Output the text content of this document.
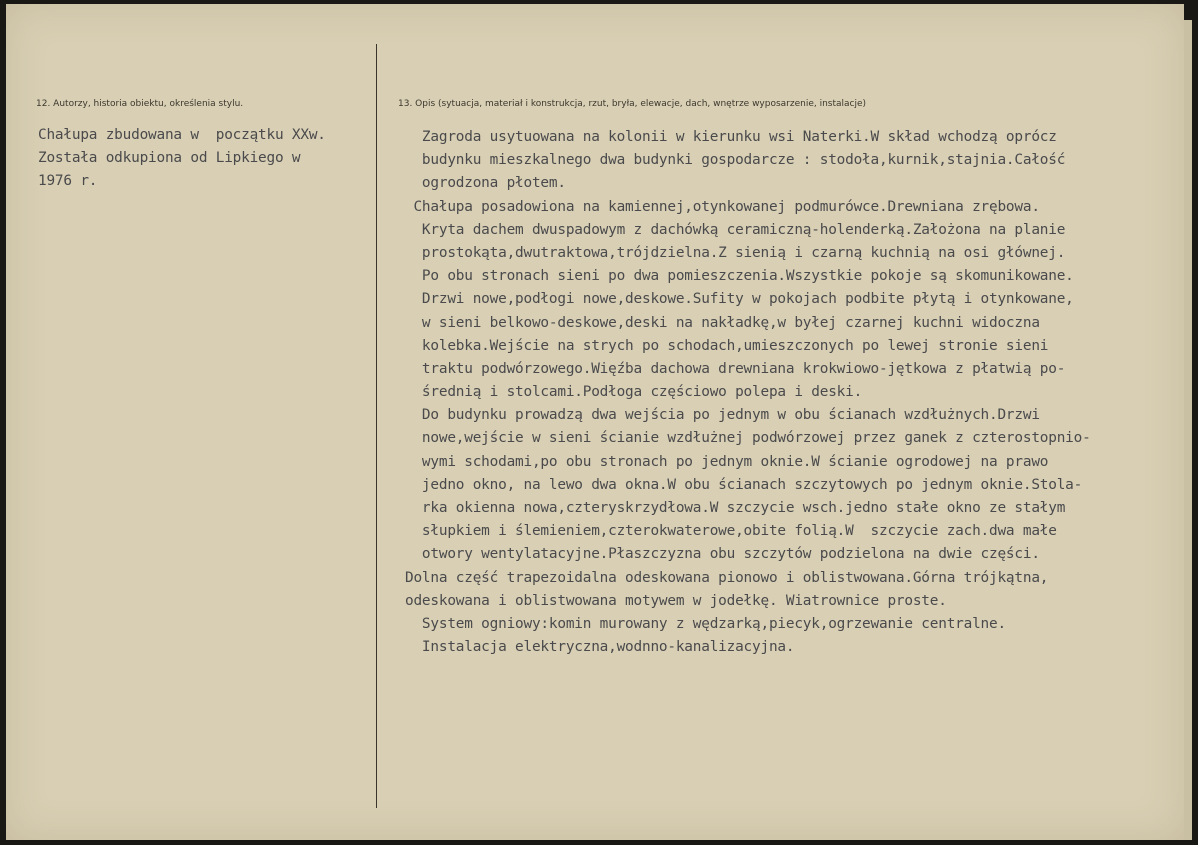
12. Autorzy, historia obiektu, określenia stylu.	13. Opis (sytuacja, materiał i konstrukcja, rzut, bryła, elewacje, dach, wnętrze wyposarzenie, instalacje)
Chałupa zbudowana w  początku XXw.
Została odkupiona od Lipkiego w
1976 r.
Zagroda usytuowana na kolonii w kierunku wsi Naterki.W skład wchodzą oprócz
budynku mieszkalnego dwa budynki gospodarcze : stodoła,kurnik,stajnia.Całość
ogrodzona płotem.
Chałupa posadowiona na kamiennej,otynkowanej podmurówce.Drewniana zrębowa.
Kryta dachem dwuspadowym z dachówką ceramiczną-holenderką.Założona na planie
prostokąta,dwutraktowa,trójdzielna.Z sienią i czarną kuchnią na osi głównej.
Po obu stronach sieni po dwa pomieszczenia.Wszystkie pokoje są skomunikowane.
Drzwi nowe,podłogi nowe,deskowe.Sufity w pokojach podbite płytą i otynkowane,
w sieni belkowo-deskowe,deski na nakładkę,w byłej czarnej kuchni widoczna
kolebka.Wejście na strych po schodach,umieszczonych po lewej stronie sieni
traktu podwórzowego.Więźba dachowa drewniana krokwiowo-jętkowa z płatwią po-
średnią i stolcami.Podłoga częściowo polepa i deski.
Do budynku prowadzą dwa wejścia po jednym w obu ścianach wzdłużnych.Drzwi
nowe,wejście w sieni ścianie wzdłużnej podwórzowej przez ganek z czterostopnio-
wymi schodami,po obu stronach po jednym oknie.W ścianie ogrodowej na prawo
jedno okno, na lewo dwa okna.W obu ścianach szczytowych po jednym oknie.Stola-
rka okienna nowa,czteryskrzydłowa.W szczycie wsch.jedno stałe okno ze stałym
słupkiem i ślemieniem,czterokwaterowe,obite folią.W  szczycie zach.dwa małe
otwory wentylatacyjne.Płaszczyzna obu szczytów podzielona na dwie części.
Dolna część trapezoidalna odeskowana pionowo i oblistwowana.Górna trójkątna,
odeskowana i oblistwowana motywem w jodełkę. Wiatrownice proste.
System ogniowy:komin murowany z wędzarką,piecyk,ogrzewanie centralne.
Instalacja elektryczna,wodnno-kanalizacyjna.
